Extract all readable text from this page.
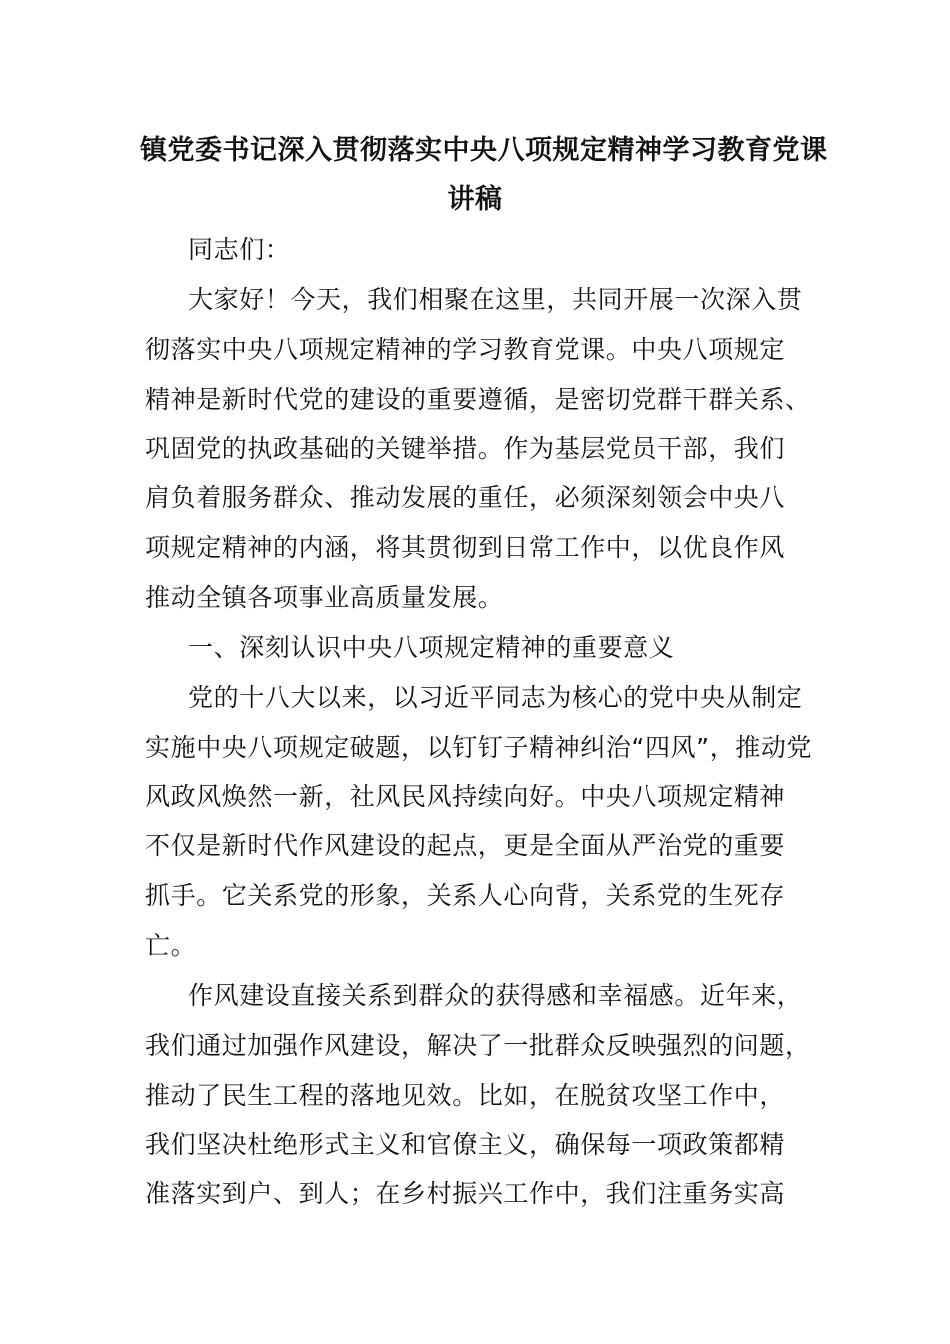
镇党委书记深入贯彻落实中央八项规定精神学习教育党课
讲稿
同志们：
大家好！今天，我们相聚在这里，共同开展一次深入贯
彻落实中央八项规定精神的学习教育党课。中央八项规定
精神是新时代党的建设的重要遵循，是密切党群干群关系、
巩固党的执政基础的关键举措。作为基层党员干部，我们
肩负着服务群众、推动发展的重任，必须深刻领会中央八
项规定精神的内涵，将其贯彻到日常工作中，以优良作风
推动全镇各项事业高质量发展。
一、深刻认识中央八项规定精神的重要意义
党的十八大以来，以习近平同志为核心的党中央从制定
实施中央八项规定破题，以钉钉子精神纠治“四风”，推动党
风政风焕然一新，社风民风持续向好。中央八项规定精神
不仅是新时代作风建设的起点，更是全面从严治党的重要
抓手。它关系党的形象，关系人心向背，关系党的生死存
亡。
作风建设直接关系到群众的获得感和幸福感。近年来，
我们通过加强作风建设，解决了一批群众反映强烈的问题，
推动了民生工程的落地见效。比如，在脱贫攻坚工作中，
我们坚决杜绝形式主义和官僚主义，确保每一项政策都精
准落实到户、到人；在乡村振兴工作中，我们注重务实高
